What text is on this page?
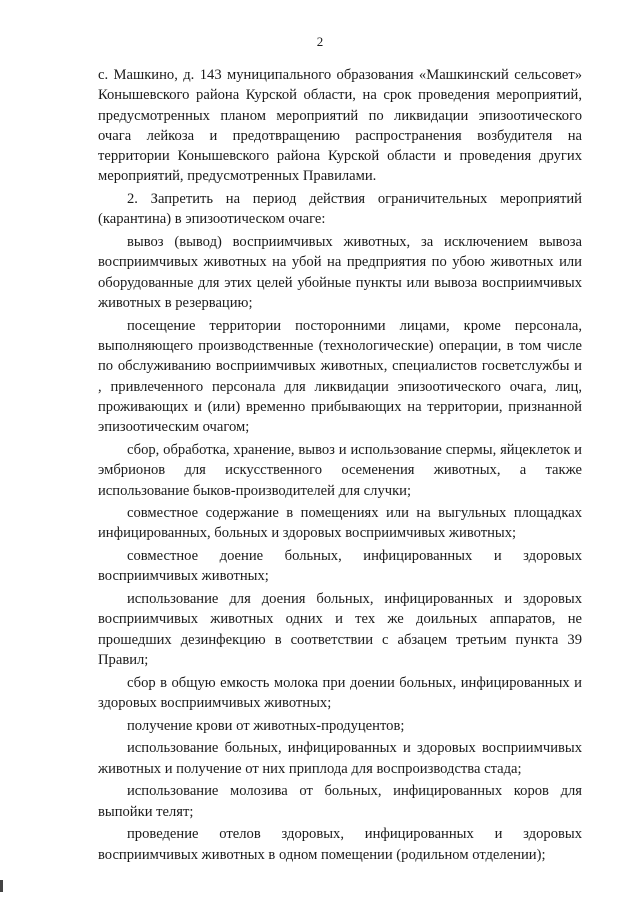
2

с. Машкино, д. 143 муниципального образования «Машкинский сельсовет» Конышевского района Курской области, на срок проведения мероприятий, предусмотренных планом мероприятий по ликвидации эпизоотического очага лейкоза и предотвращению распространения возбудителя на территории Конышевского района Курской области и проведения других мероприятий, предусмотренных Правилами.

2. Запретить на период действия ограничительных мероприятий (карантина) в эпизоотическом очаге:

вывоз (вывод) восприимчивых животных, за исключением вывоза восприимчивых животных на убой на предприятия по убою животных или оборудованные для этих целей убойные пункты или вывоза восприимчивых животных в резервацию;

посещение территории посторонними лицами, кроме персонала, выполняющего производственные (технологические) операции, в том числе по обслуживанию восприимчивых животных, специалистов госветслужбы и , привлеченного персонала для ликвидации эпизоотического очага, лиц, проживающих и (или) временно прибывающих на территории, признанной эпизоотическим очагом;

сбор, обработка, хранение, вывоз и использование спермы, яйцеклеток и эмбрионов для искусственного осеменения животных, а также использование быков-производителей для случки;

совместное содержание в помещениях или на выгульных площадках инфицированных, больных и здоровых восприимчивых животных;

совместное доение больных, инфицированных и здоровых восприимчивых животных;

использование для доения больных, инфицированных и здоровых восприимчивых животных одних и тех же доильных аппаратов, не прошедших дезинфекцию в соответствии с абзацем третьим пункта 39 Правил;

сбор в общую емкость молока при доении больных, инфицированных и здоровых восприимчивых животных;

получение крови от животных-продуцентов;

использование больных, инфицированных и здоровых восприимчивых животных и получение от них приплода для воспроизводства стада;

использование молозива от больных, инфицированных коров для выпойки телят;

проведение отелов здоровых, инфицированных и здоровых восприимчивых животных в одном помещении (родильном отделении);
